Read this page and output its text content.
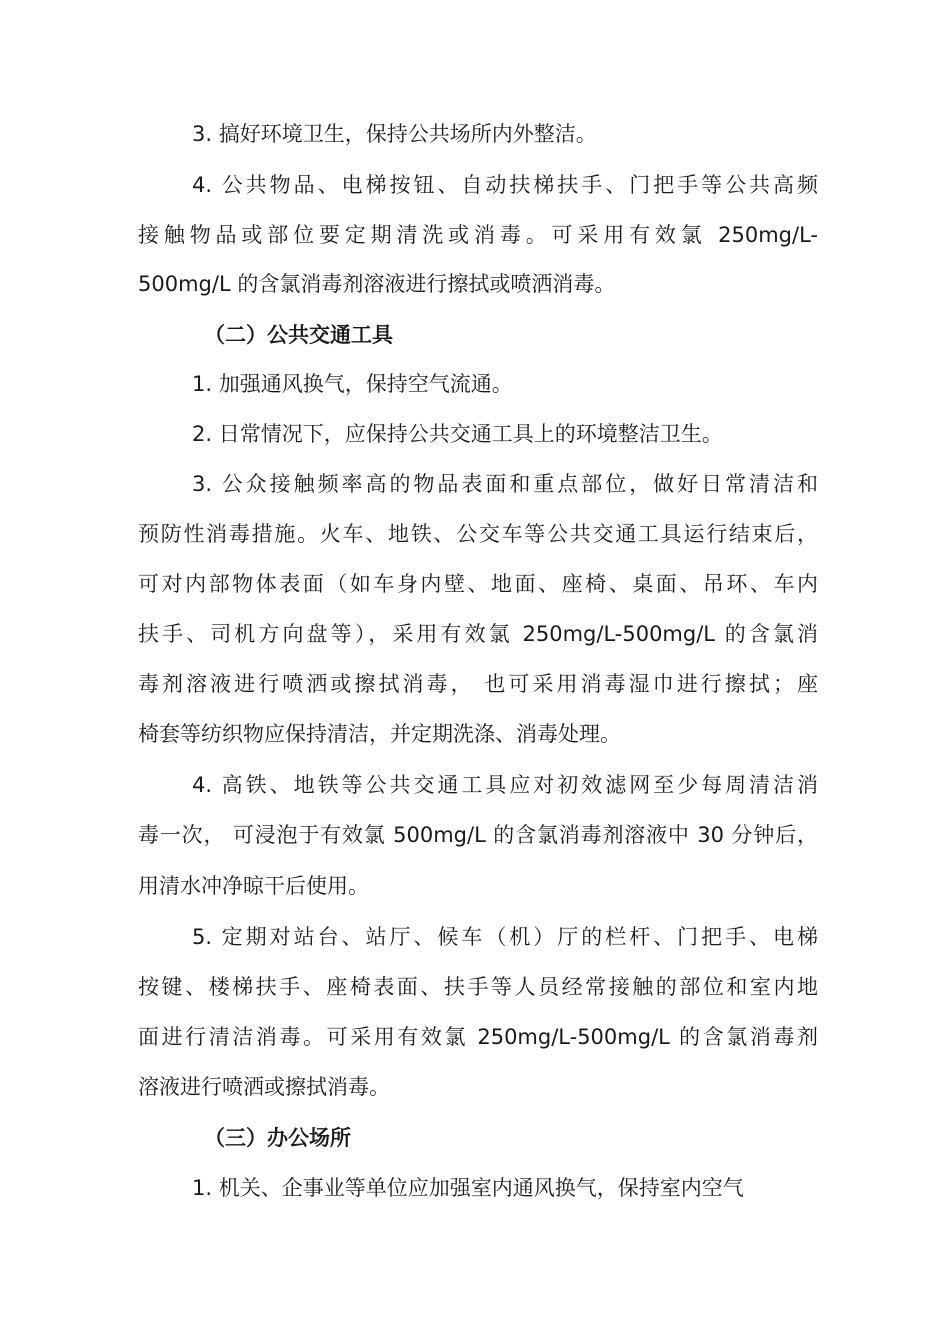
3. 搞好环境卫生，保持公共场所内外整洁。
4. 公共物品、电梯按钮、自动扶梯扶手、门把手等公共高频
接触物品或部位要定期清洗或消毒。可采用有效氯 250mg/L-
500mg/L 的含氯消毒剂溶液进行擦拭或喷洒消毒。
（二）公共交通工具
1. 加强通风换气，保持空气流通。
2. 日常情况下，应保持公共交通工具上的环境整洁卫生。
3. 公众接触频率高的物品表面和重点部位，做好日常清洁和
预防性消毒措施。火车、地铁、公交车等公共交通工具运行结束后，
可对内部物体表面（如车身内壁、地面、座椅、桌面、吊环、车内
扶手、司机方向盘等），采用有效氯 250mg/L-500mg/L 的含氯消
毒剂溶液进行喷洒或擦拭消毒， 也可采用消毒湿巾进行擦拭；座
椅套等纺织物应保持清洁，并定期洗涤、消毒处理。
4. 高铁、地铁等公共交通工具应对初效滤网至少每周清洁消
毒一次， 可浸泡于有效氯 500mg/L 的含氯消毒剂溶液中 30 分钟后，
用清水冲净晾干后使用。
5. 定期对站台、站厅、候车（机）厅的栏杆、门把手、电梯
按键、楼梯扶手、座椅表面、扶手等人员经常接触的部位和室内地
面进行清洁消毒。可采用有效氯 250mg/L-500mg/L 的含氯消毒剂
溶液进行喷洒或擦拭消毒。
（三）办公场所
1. 机关、企事业等单位应加强室内通风换气，保持室内空气
